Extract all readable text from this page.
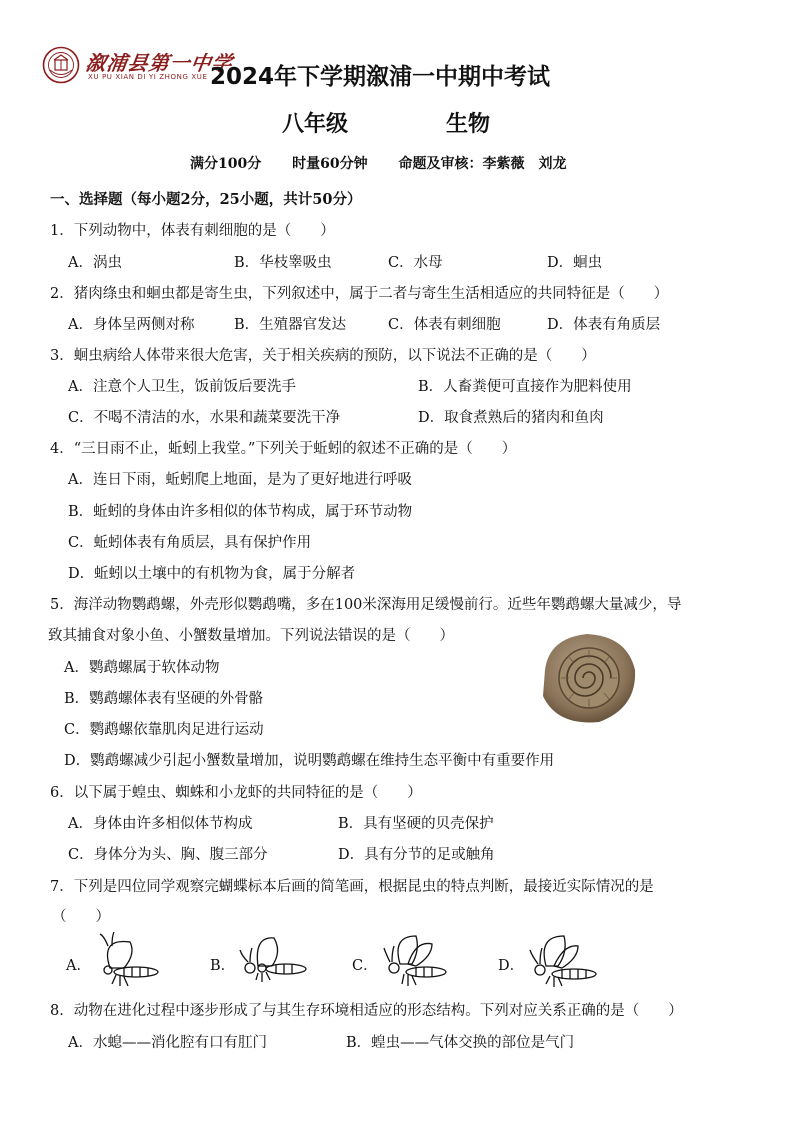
溆浦县第一中学
XU PU XIAN DI YI ZHONG XUE 2024年下学期溆浦一中期中考试
八年级	生物
满分100分 时量60分钟 命题及审核：李紫薇　刘龙
一、选择题（每小题2分，25小题，共计50分）
1．下列动物中，体表有刺细胞的是（　　）
A．涡虫	B．华枝睾吸虫	C．水母	D．蛔虫
2．猪肉绦虫和蛔虫都是寄生虫，下列叙述中，属于二者与寄生生活相适应的共同特征是（　　）
A．身体呈两侧对称	B．生殖器官发达	C．体表有刺细胞	D．体表有角质层
3．蛔虫病给人体带来很大危害，关于相关疾病的预防，以下说法不正确的是（　　）
A．注意个人卫生，饭前饭后要洗手	B．人畜粪便可直接作为肥料使用
C．不喝不清洁的水，水果和蔬菜要洗干净	D．取食煮熟后的猪肉和鱼肉
4．“三日雨不止，蚯蚓上我堂。”下列关于蚯蚓的叙述不正确的是（　　）
A．连日下雨，蚯蚓爬上地面，是为了更好地进行呼吸
B．蚯蚓的身体由许多相似的体节构成，属于环节动物
C．蚯蚓体表有角质层，具有保护作用
D．蚯蚓以土壤中的有机物为食，属于分解者
5．海洋动物鹦鹉螺，外壳形似鹦鹉嘴，多在100米深海用足缓慢前行。近些年鹦鹉螺大量减少，导
致其捕食对象小鱼、小蟹数量增加。下列说法错误的是（　　）
A．鹦鹉螺属于软体动物
B．鹦鹉螺体表有坚硬的外骨骼
C．鹦鹉螺依靠肌肉足进行运动
D．鹦鹉螺减少引起小蟹数量增加，说明鹦鹉螺在维持生态平衡中有重要作用
6．以下属于蝗虫、蜘蛛和小龙虾的共同特征的是（　　）
A．身体由许多相似体节构成	B．具有坚硬的贝壳保护
C．身体分为头、胸、腹三部分	D．具有分节的足或触角
7．下列是四位同学观察完蝴蝶标本后画的简笔画，根据昆虫的特点判断，最接近实际情况的是
（　　）
A．	B．	C．	D．
8．动物在进化过程中逐步形成了与其生存环境相适应的形态结构。下列对应关系正确的是（　　）
A．水螅——消化腔有口有肛门	B．蝗虫——气体交换的部位是气门
